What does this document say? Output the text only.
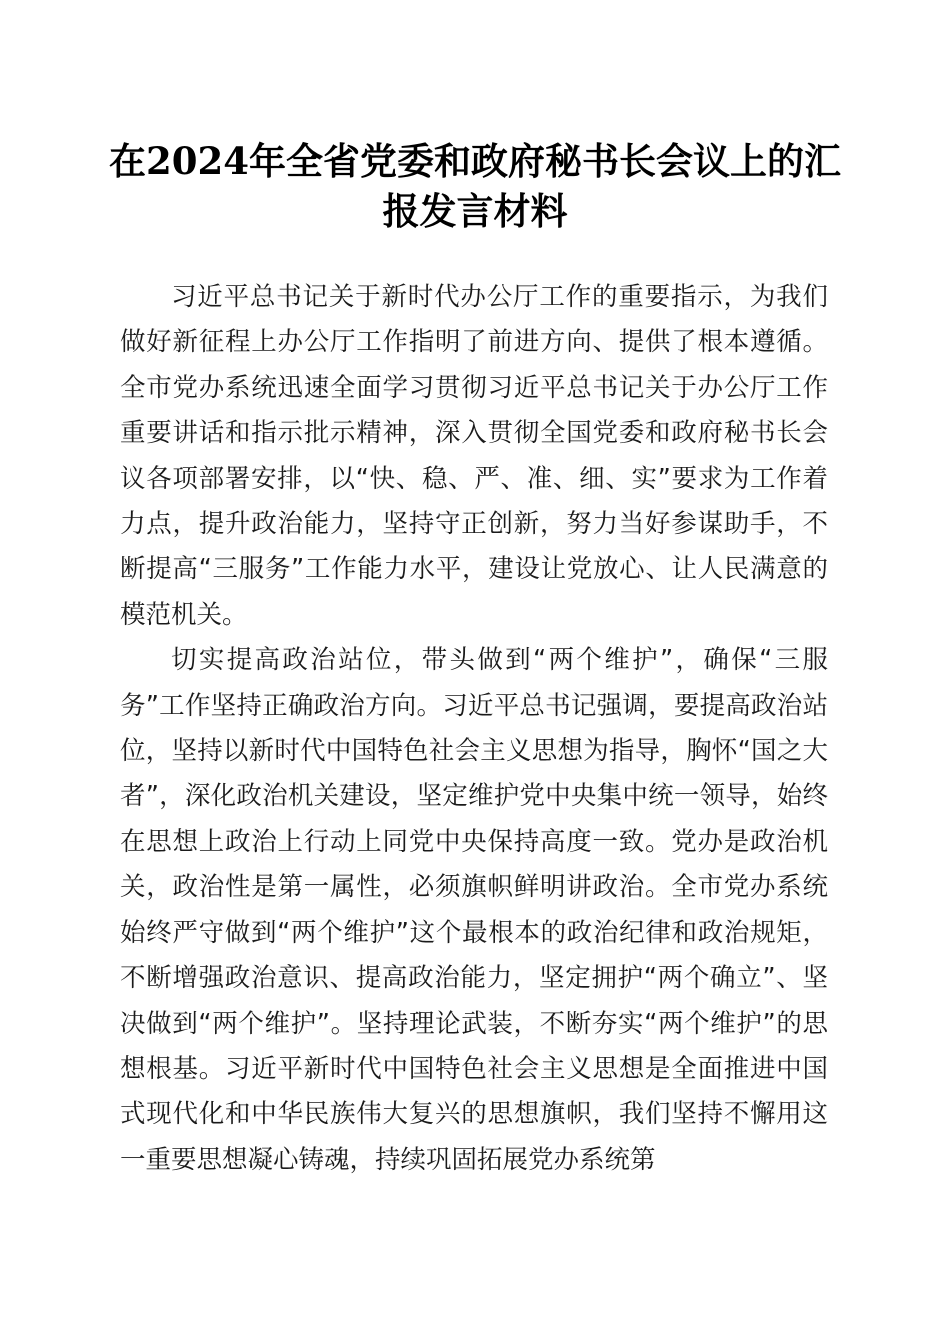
在2024年全省党委和政府秘书长会议上的汇报发言材料

习近平总书记关于新时代办公厅工作的重要指示，为我们做好新征程上办公厅工作指明了前进方向、提供了根本遵循。全市党办系统迅速全面学习贯彻习近平总书记关于办公厅工作重要讲话和指示批示精神，深入贯彻全国党委和政府秘书长会议各项部署安排，以“快、稳、严、准、细、实”要求为工作着力点，提升政治能力，坚持守正创新，努力当好参谋助手，不断提高“三服务”工作能力水平，建设让党放心、让人民满意的模范机关。

切实提高政治站位，带头做到“两个维护”，确保“三服务”工作坚持正确政治方向。习近平总书记强调，要提高政治站位，坚持以新时代中国特色社会主义思想为指导，胸怀“国之大者”，深化政治机关建设，坚定维护党中央集中统一领导，始终在思想上政治上行动上同党中央保持高度一致。党办是政治机关，政治性是第一属性，必须旗帜鲜明讲政治。全市党办系统始终严守做到“两个维护”这个最根本的政治纪律和政治规矩，不断增强政治意识、提高政治能力，坚定拥护“两个确立”、坚决做到“两个维护”。坚持理论武装，不断夯实“两个维护”的思想根基。习近平新时代中国特色社会主义思想是全面推进中国式现代化和中华民族伟大复兴的思想旗帜，我们坚持不懈用这一重要思想凝心铸魂，持续巩固拓展党办系统第
